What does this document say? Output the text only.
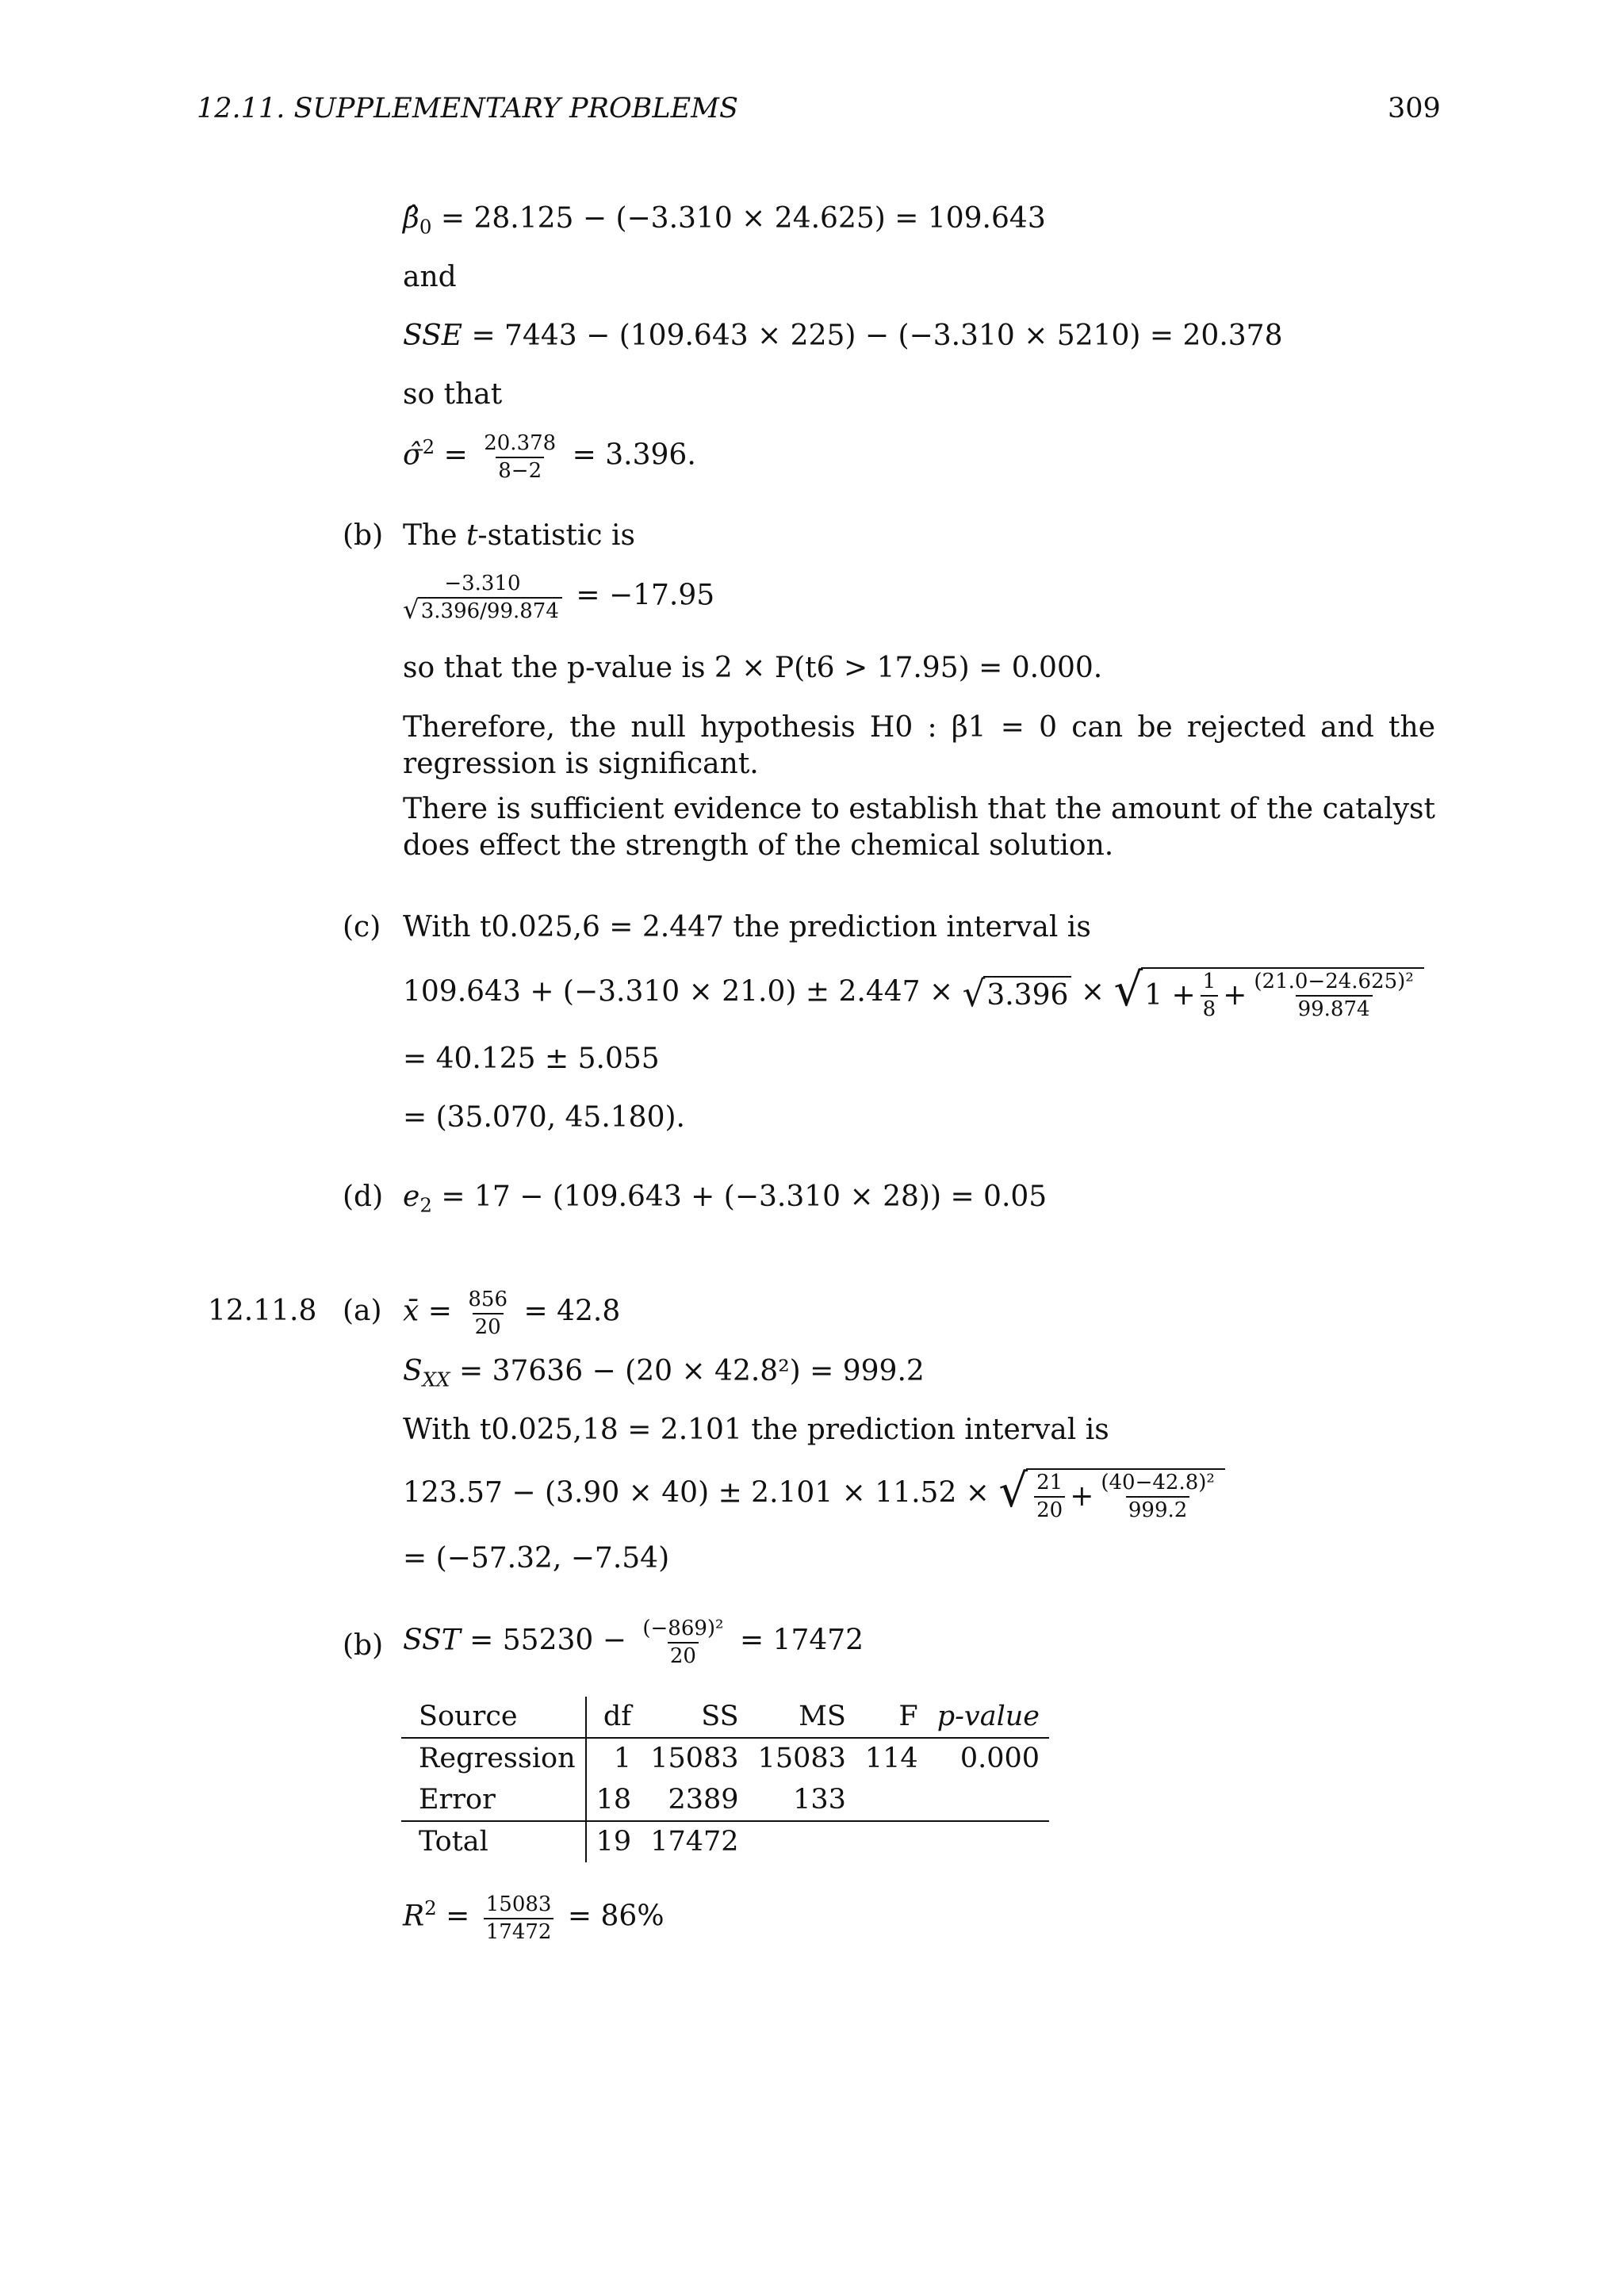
12.11. SUPPLEMENTARY PROBLEMS	309
$\betâ_0 = 28.125 - (-3.310 \times 24.625) = 109.643$
and
SSE = 7443 − (109.643 × 225) − (−3.310 × 5210) = 20.378
so that
σ̂$^2$ = $\frac{20.378}{8-2} = 3.396$.
(b) The t-statistic is
−3.310
√ 3.396/99.874 = −17.95
so that the p-value is 2 × P(t6 > 17.95) = 0.000.
Therefore, the null hypothesis H0 : β1 = 0 can be rejected and the regression is significant.
There is sufficient evidence to establish that the amount of the catalyst does effect the strength of the chemical solution.
(c) With t0.025,6 = 2.447 the prediction interval is
109.643 + (−3.310 × 21.0) ± 2.447 × √ 3.396 × √ $1 + \frac{1}{8} + \frac{\text{(21.0−24.625)²}}{99.874}$
= 40.125 ± 5.055
= (35.070, 45.180).
(d) $e_2 = 17 - (109.643 + (-3.310 \times 28)) = 0.05$
12.11.8 (a) x̄ = $\frac{856}{20} = 42.8$
$S_{XX} = 37636 - (20 \times 42.8^2) = 999.2$
With t0.025,18 = 2.101 the prediction interval is
123.57 − (3.90 × 40) ± 2.101 × 11.52 × √ $\frac{21}{20} + \frac{\text{(40−42.8)²}}{999.2}$
= (−57.32, −7.54)
(b) SST = $55230 - \frac{\text{(−869)²}}{20} = 17472$
Source	df	SS	MS	F	p-value
Regression	1	15083	15083	114	0.000
Error	18	2389	133		
Total	19	17472			
$R^2 = \frac{15083}{17472} = 86\%$
